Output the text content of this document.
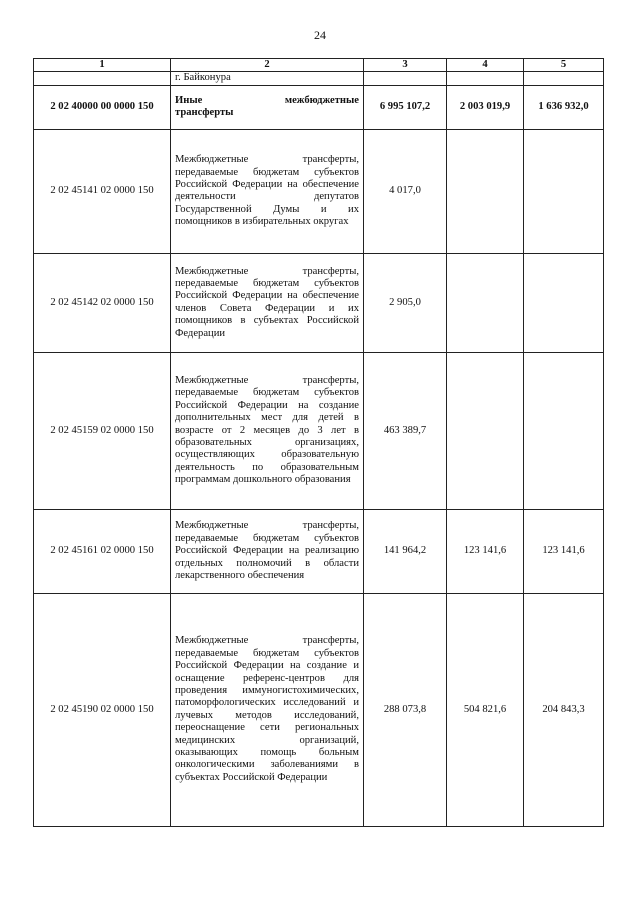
24
1	2	3	4	5
	г. Байконура			
2 02 40000 00 0000 150	Иные межбюджетные
трансферты	6 995 107,2	2 003 019,9	1 636 932,0
2 02 45141 02 0000 150	Межбюджетные трансферты, передаваемые бюджетам субъектов Российской Федерации на обеспечение деятельности депутатов Государственной Думы и их помощников в избирательных округах	4 017,0		
2 02 45142 02 0000 150	Межбюджетные трансферты, передаваемые бюджетам субъектов Российской Федерации на обеспечение членов Совета Федерации и их помощников в субъектах Российской Федерации	2 905,0		
2 02 45159 02 0000 150	Межбюджетные трансферты, передаваемые бюджетам субъектов Российской Федерации на создание дополнительных мест для детей в возрасте от 2 месяцев до 3 лет в образовательных организациях, осуществляющих образовательную деятельность по образовательным программам дошкольного образования	463 389,7		
2 02 45161 02 0000 150	Межбюджетные трансферты, передаваемые бюджетам субъектов Российской Федерации на реализацию отдельных полномочий в области лекарственного обеспечения	141 964,2	123 141,6	123 141,6
2 02 45190 02 0000 150	Межбюджетные трансферты, передаваемые бюджетам субъектов Российской Федерации на создание и оснащение референс-центров для проведения иммуногистохимических, патоморфологических исследований и лучевых методов исследований, переоснащение сети региональных медицинских организаций, оказывающих помощь больным онкологическими заболеваниями в субъектах Российской Федерации	288 073,8	504 821,6	204 843,3
